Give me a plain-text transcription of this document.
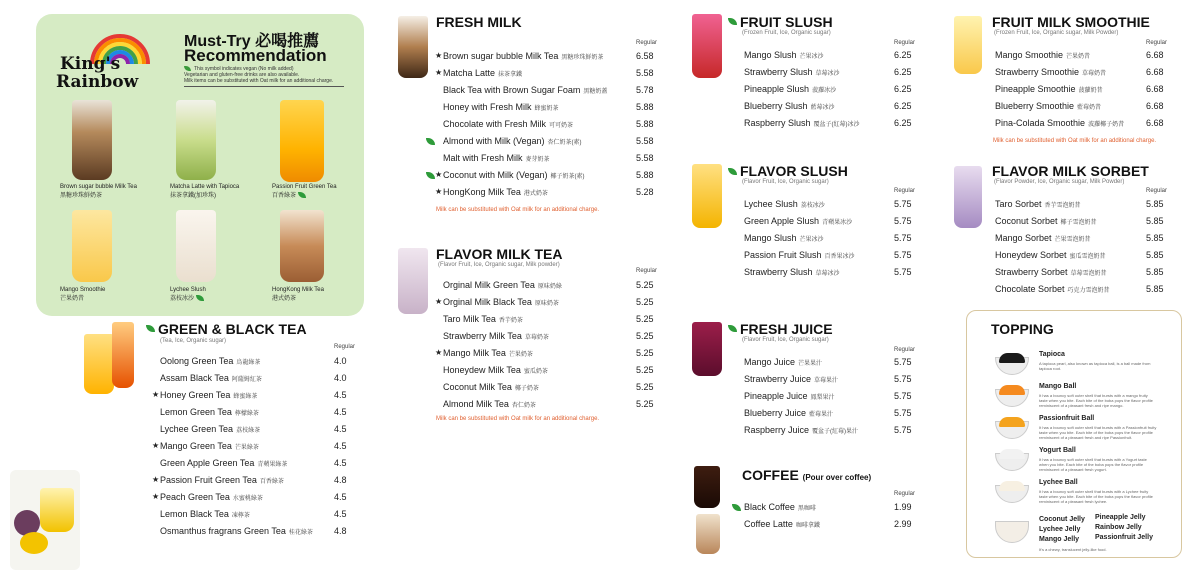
King's
Rainbow
Must-Try 必喝推薦
Recommendation
This symbol indicates vegan (No milk added)
Vegetarian and gluten-free drinks are also available.
Milk items can be substituted with Oat milk for an additional charge.
Brown sugar bubble Milk Tea
黑糖珍珠鮮奶茶
Matcha Latte with Tapioca
抹茶拿鐵(加珍珠)
Passion Fruit Green Tea
百香綠茶
Mango Smoothie
芒果奶昔
Lychee Slush
荔枝冰沙
HongKong Milk Tea
港式奶茶
GREEN & BLACK TEA
(Tea, Ice, Organic sugar)
Regular
Oolong Green Tea 烏龍綠茶	4.0
Assam Black Tea 阿薩姆紅茶	4.0
★ Honey Green Tea 蜂蜜綠茶	4.5
Lemon Green Tea 檸檬綠茶	4.5
Lychee Green Tea 荔枝綠茶	4.5
★ Mango Green Tea 芒果綠茶	4.5
Green Apple Green Tea 青蘋果綠茶	4.5
★ Passion Fruit Green Tea 百香綠茶	4.8
★ Peach Green Tea 水蜜桃綠茶	4.5
Lemon Black Tea 凍檸茶	4.5
Osmanthus fragrans Green Tea 桂花綠茶 4.8
FRESH MILK
Regular
★ Brown sugar bubble Milk Tea 黑糖珍珠鮮奶茶	6.58
★ Matcha Latte 抹茶拿鐵	5.58
Black Tea with Brown Sugar Foam 黑糖奶蓋	5.78
Honey with Fresh Milk 蜂蜜奶茶	5.88
Chocolate with Fresh Milk 可可奶茶	5.88
Almond with Milk (Vegan) 杏仁奶茶(素)	5.58
Malt with Fresh Milk 麥芽奶茶	5.58
★ Coconut with Milk (Vegan) 椰子奶茶(素)	5.88
★ HongKong Milk Tea 港式奶茶	5.28
Milk can be substituted with Oat milk for an additional charge.
FLAVOR MILK TEA
(Flavor Fruit, Ice, Organic sugar, Milk powder)
Regular
Orginal Milk Green Tea 原味奶綠	5.25
★ Orginal Milk Black Tea 原味奶茶	5.25
Taro Milk Tea 香芋奶茶	5.25
Strawberry Milk Tea 草莓奶茶	5.25
★ Mango Milk Tea 芒果奶茶	5.25
Honeydew Milk Tea 蜜瓜奶茶	5.25
Coconut Milk Tea 椰子奶茶	5.25
Almond Milk Tea 杏仁奶茶	5.25
Milk can be substituted with Oat milk for an additional charge.
FRUIT SLUSH
(Frozen Fruit, Ice, Organic sugar)
Regular
Mango Slush 芒果冰沙	6.25
Strawberry Slush 草莓冰沙	6.25
Pineapple Slush 菠蘿冰沙	6.25
Blueberry Slush 藍莓冰沙	6.25
Raspberry Slush 覆盆子(紅莓)冰沙	6.25
FLAVOR SLUSH
(Flavor Fruit, Ice, Organic sugar)
Regular
Lychee Slush 荔枝冰沙	5.75
Green Apple Slush 青蘋果冰沙	5.75
Mango Slush 芒果冰沙	5.75
Passion Fruit Slush 百香果冰沙	5.75
Strawberry Slush 草莓冰沙	5.75
FRESH JUICE
(Flavor Fruit, Ice, Organic sugar)
Regular
Mango Juice 芒果果汁	5.75
Strawberry Juice 草莓果汁	5.75
Pineapple Juice 鳳梨果汁	5.75
Blueberry Juice 藍莓果汁	5.75
Raspberry Juice 覆盆子(紅莓)果汁	5.75
COFFEE (Pour over coffee)
Regular
Black Coffee 黑咖啡	1.99
Coffee Latte 咖啡拿鐵	2.99
FRUIT MILK SMOOTHIE
(Frozen Fruit, Ice, Organic sugar, Milk Powder)
Regular
Mango Smoothie 芒果奶昔	6.68
Strawberry Smoothie 草莓奶昔	6.68
Pineapple Smoothie 菠蘿奶昔	6.68
Blueberry Smoothie 藍莓奶昔	6.68
Pina-Colada Smoothie 波蘿椰子奶昔 6.68
Milk can be substituted with Oat milk for an additional charge.
FLAVOR MILK SORBET
(Flavor Powder, Ice, Organic sugar, Milk Powder)
Regular
Taro Sorbet 香芋雪泡奶昔	5.85
Coconut Sorbet 椰子雪泡奶昔	5.85
Mango Sorbet 芒果雪泡奶昔	5.85
Honeydew Sorbet 蜜瓜雪泡奶昔	5.85
Strawberry Sorbet 草莓雪泡奶昔	5.85
Chocolate Sorbet 巧克力雪泡奶昔	5.85
TOPPING
Tapioca
A tapioca pearl, also known as tapioca ball, is a ball made from tapioca root.
Mango Ball
It has a bouncy soft outer shell that bursts with a mango fruity taste when you bite. Each bite of the boba pops the flavor profile reminiscent of a pleasant fresh and ripe mango.
Passionfruit Ball
It has a bouncy soft outer shell that bursts with a Passionfruit fruity taste when you bite. Each bite of the boba pops the flavor profile reminiscent of a pleasant fresh and ripe Passionfruit.
Yogurt Ball
It has a bouncy soft outer shell that bursts with a Yogurt taste when you bite. Each bite of the boba pops the flavor profile reminiscent of a pleasant fresh yogurt.
Lychee Ball
It has a bouncy soft outer shell that bursts with a Lychee fruity taste when you bite. Each bite of the boba pops the flavor profile reminiscent of a pleasant fresh lychee.
Coconut Jelly
Lychee Jelly
Mango Jelly
Pineapple Jelly
Rainbow Jelly
Passionfruit Jelly
It's a chewy, translucent jelly-like food.
